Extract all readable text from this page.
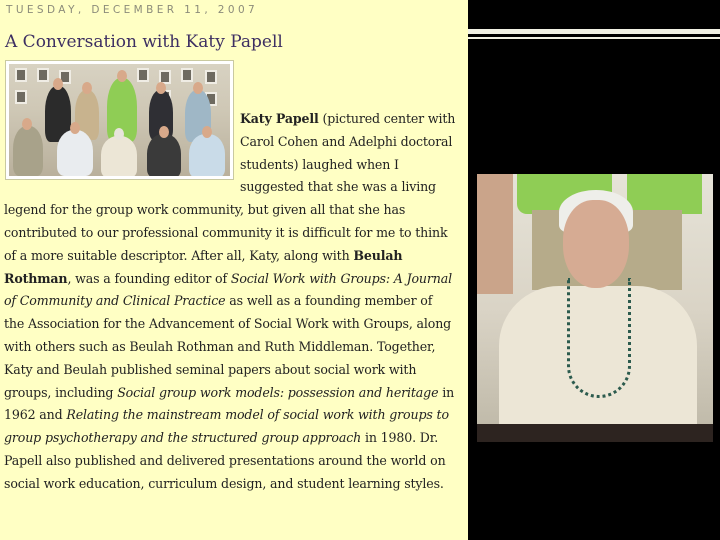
TUESDAY, DECEMBER 11, 2007
A Conversation with Katy Papell
Katy Papell (pictured center with Carol Cohen and Adelphi doctoral students) laughed when I suggested that she was a living legend for the group work community, but given all that she has contributed to our professional community it is difficult for me to think of a more suitable descriptor. After all, Katy, along with Beulah Rothman, was a founding editor of Social Work with Groups: A Journal of Community and Clinical Practice as well as a founding member of the Association for the Advancement of Social Work with Groups, along with others such as Beulah Rothman and Ruth Middleman. Together, Katy and Beulah published seminal papers about social work with groups, including Social group work models: possession and heritage in 1962 and Relating the mainstream model of social work with groups to group psychotherapy and the structured group approach in 1980. Dr. Papell also published and delivered presentations around the world on social work education, curriculum design, and student learning styles.
